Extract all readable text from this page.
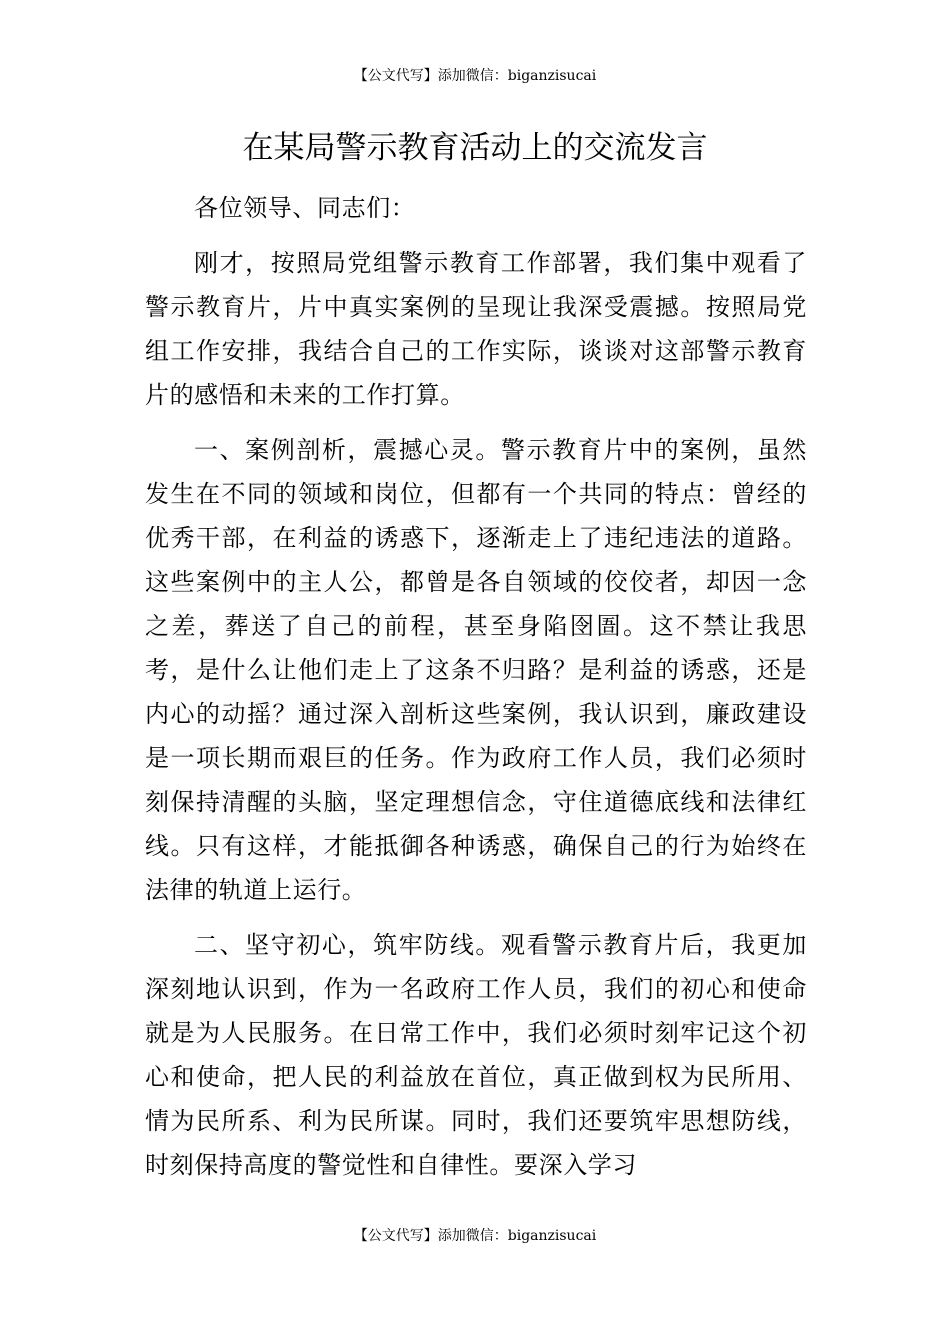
【公文代写】添加微信：biganzisucai
在某局警示教育活动上的交流发言

各位领导、同志们：

刚才，按照局党组警示教育工作部署，我们集中观看了警示教育片，片中真实案例的呈现让我深受震撼。按照局党组工作安排，我结合自己的工作实际，谈谈对这部警示教育片的感悟和未来的工作打算。

一、案例剖析，震撼心灵。警示教育片中的案例，虽然发生在不同的领域和岗位，但都有一个共同的特点：曾经的优秀干部，在利益的诱惑下，逐渐走上了违纪违法的道路。这些案例中的主人公，都曾是各自领域的佼佼者，却因一念之差，葬送了自己的前程，甚至身陷囹圄。这不禁让我思考，是什么让他们走上了这条不归路？是利益的诱惑，还是内心的动摇？通过深入剖析这些案例，我认识到，廉政建设是一项长期而艰巨的任务。作为政府工作人员，我们必须时刻保持清醒的头脑，坚定理想信念，守住道德底线和法律红线。只有这样，才能抵御各种诱惑，确保自己的行为始终在法律的轨道上运行。

二、坚守初心，筑牢防线。观看警示教育片后，我更加深刻地认识到，作为一名政府工作人员，我们的初心和使命就是为人民服务。在日常工作中，我们必须时刻牢记这个初心和使命，把人民的利益放在首位，真正做到权为民所用、情为民所系、利为民所谋。同时，我们还要筑牢思想防线，时刻保持高度的警觉性和自律性。要深入学习

【公文代写】添加微信：biganzisucai
